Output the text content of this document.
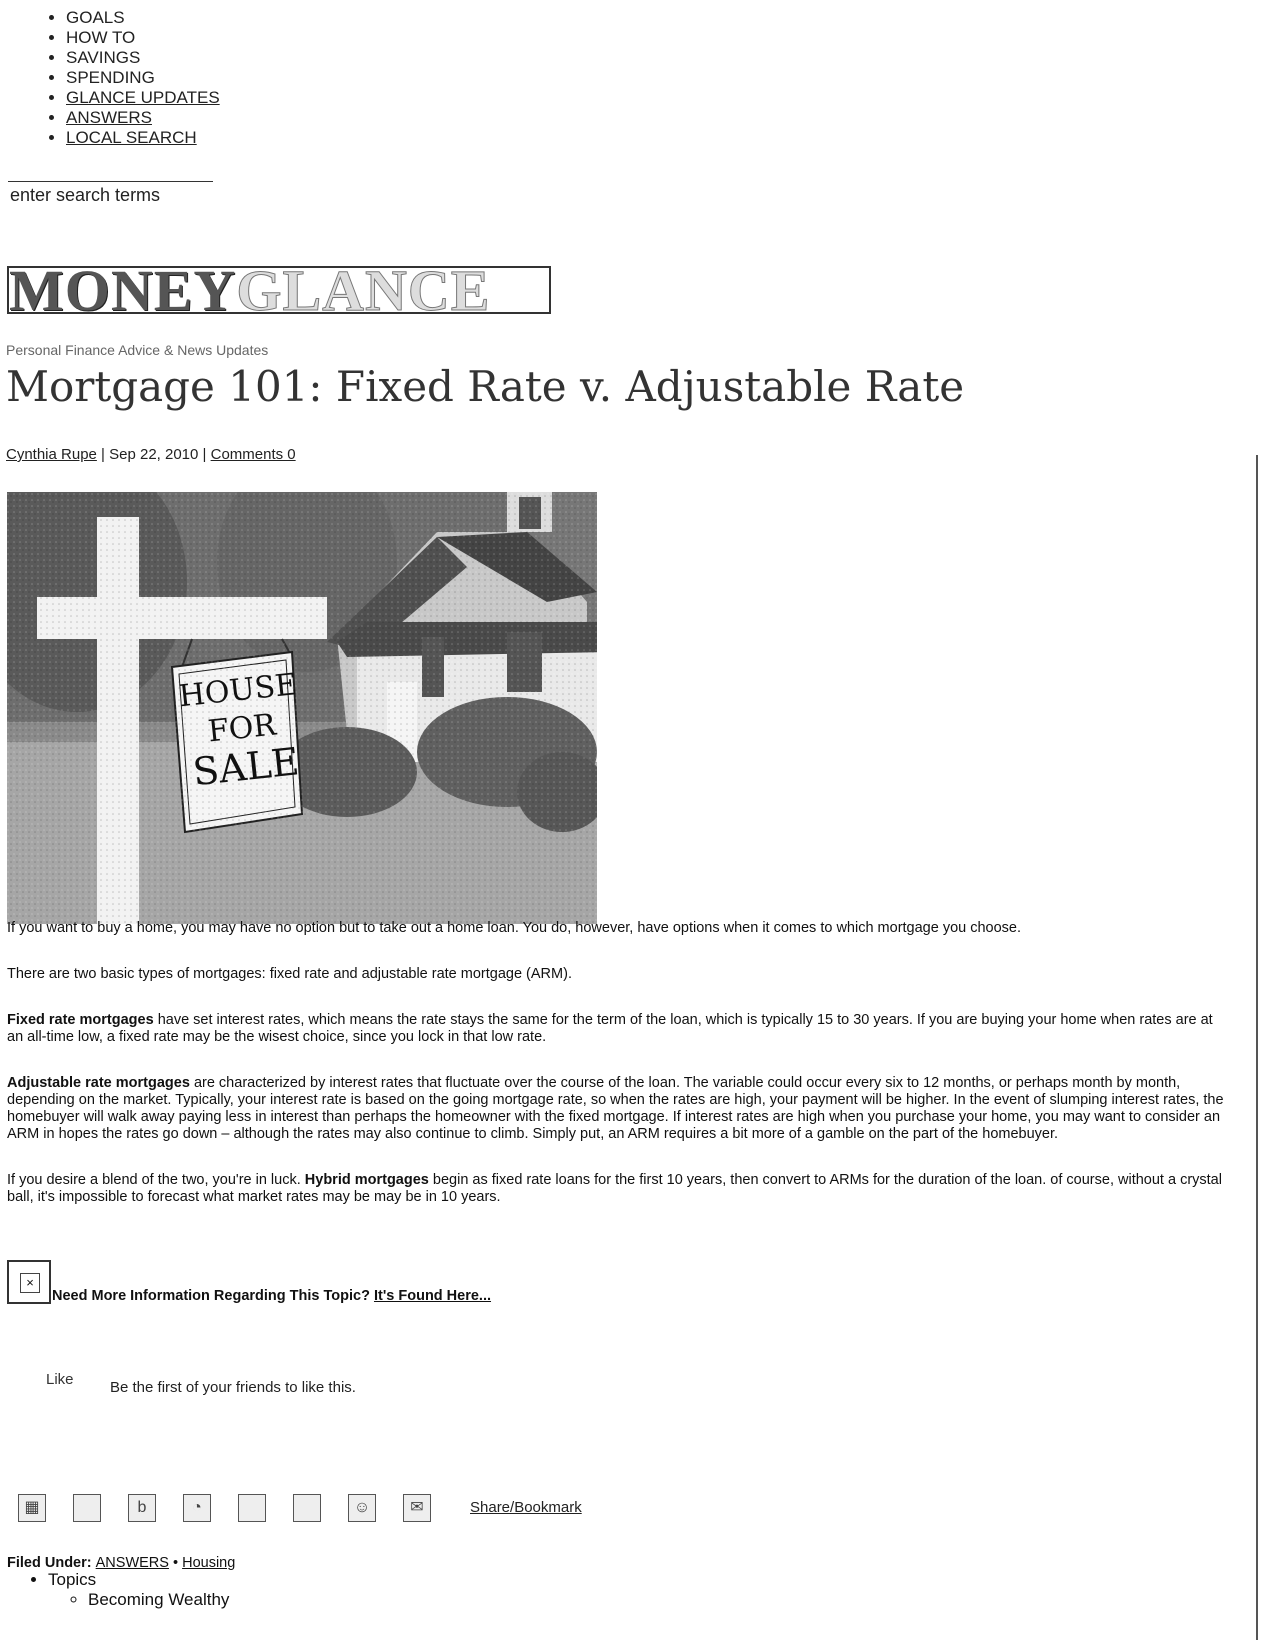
• GOALS
• HOW TO
• SAVINGS
• SPENDING
• GLANCE UPDATES
• ANSWERS
• LOCAL SEARCH
enter search terms
MONEYGLANCE
Personal Finance Advice & News Updates
Mortgage 101: Fixed Rate v. Adjustable Rate
Cynthia Rupe | Sep 22, 2010 | Comments 0
HOUSE
FOR
SALE

If you want to buy a home, you may have no option but to take out a home loan. You do, however, have options when it comes to which mortgage you choose.

There are two basic types of mortgages: fixed rate and adjustable rate mortgage (ARM).

Fixed rate mortgages have set interest rates, which means the rate stays the same for the term of the loan, which is typically 15 to 30 years. If you are buying your home when rates are at an all-time low, a fixed rate may be the wisest choice, since you lock in that low rate.

Adjustable rate mortgages are characterized by interest rates that fluctuate over the course of the loan. The variable could occur every six to 12 months, or perhaps month by month, depending on the market. Typically, your interest rate is based on the going mortgage rate, so when the rates are high, your payment will be higher. In the event of slumping interest rates, the homebuyer will walk away paying less in interest than perhaps the homeowner with the fixed mortgage. If interest rates are high when you purchase your home, you may want to consider an ARM in hopes the rates go down – although the rates may also continue to climb. Simply put, an ARM requires a bit more of a gamble on the part of the homebuyer.

If you desire a blend of the two, you're in luck. Hybrid mortgages begin as fixed rate loans for the first 10 years, then convert to ARMs for the duration of the loan. of course, without a crystal ball, it's impossible to forecast what market rates may be may be in 10 years.

×
Need More Information Regarding This Topic? It's Found Here...
Like Be the first of your friends to like this.
▦	b	◔	☺	✉	Share/Bookmark
Filed Under: ANSWERS • Housing
• Topics
◦ Becoming Wealthy
